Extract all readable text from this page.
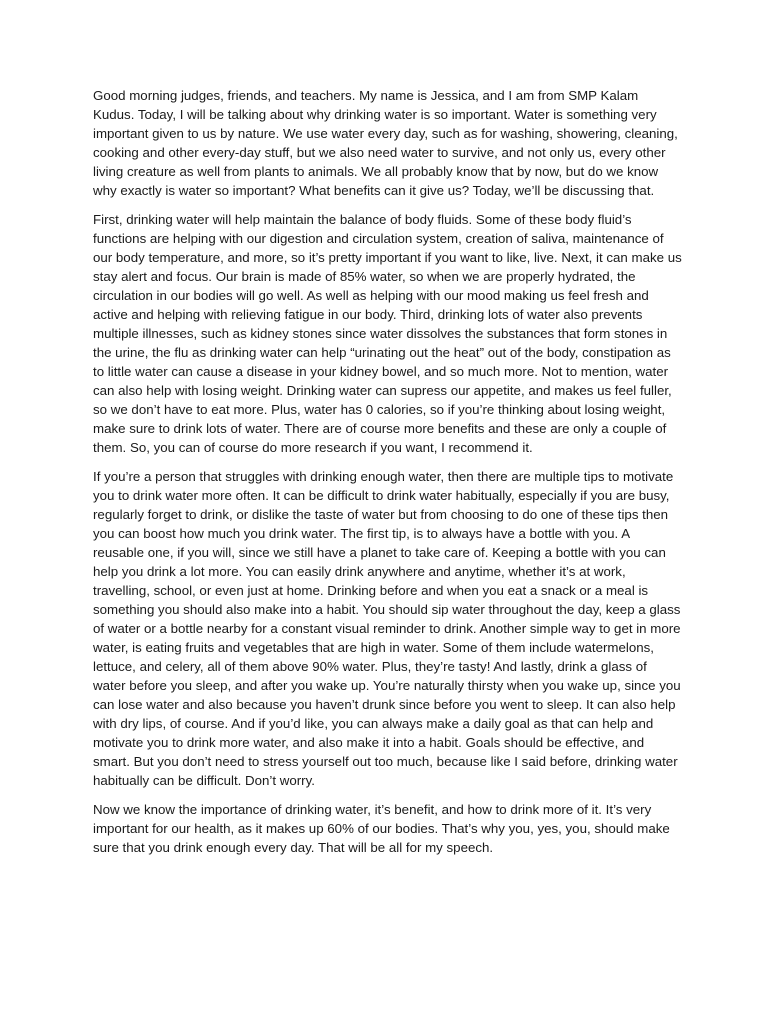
Good morning judges, friends, and teachers. My name is Jessica, and I am from SMP Kalam Kudus. Today, I will be talking about why drinking water is so important. Water is something very important given to us by nature. We use water every day, such as for washing, showering, cleaning, cooking and other every-day stuff, but we also need water to survive, and not only us, every other living creature as well from plants to animals. We all probably know that by now, but do we know why exactly is water so important? What benefits can it give us? Today, we’ll be discussing that.

First, drinking water will help maintain the balance of body fluids. Some of these body fluid’s functions are helping with our digestion and circulation system, creation of saliva, maintenance of our body temperature, and more, so it’s pretty important if you want to like, live. Next, it can make us stay alert and focus. Our brain is made of 85% water, so when we are properly hydrated, the circulation in our bodies will go well. As well as helping with our mood making us feel fresh and active and helping with relieving fatigue in our body. Third, drinking lots of water also prevents multiple illnesses, such as kidney stones since water dissolves the substances that form stones in the urine, the flu as drinking water can help “urinating out the heat” out of the body, constipation as to little water can cause a disease in your kidney bowel, and so much more. Not to mention, water can also help with losing weight. Drinking water can supress our appetite, and makes us feel fuller, so we don’t have to eat more. Plus, water has 0 calories, so if you’re thinking about losing weight, make sure to drink lots of water. There are of course more benefits and these are only a couple of them. So, you can of course do more research if you want, I recommend it.

If you’re a person that struggles with drinking enough water, then there are multiple tips to motivate you to drink water more often. It can be difficult to drink water habitually, especially if you are busy, regularly forget to drink, or dislike the taste of water but from choosing to do one of these tips then you can boost how much you drink water. The first tip, is to always have a bottle with you. A reusable one, if you will, since we still have a planet to take care of. Keeping a bottle with you can help you drink a lot more. You can easily drink anywhere and anytime, whether it’s at work, travelling, school, or even just at home. Drinking before and when you eat a snack or a meal is something you should also make into a habit. You should sip water throughout the day, keep a glass of water or a bottle nearby for a constant visual reminder to drink. Another simple way to get in more water, is eating fruits and vegetables that are high in water. Some of them include watermelons, lettuce, and celery, all of them above 90% water. Plus, they’re tasty! And lastly, drink a glass of water before you sleep, and after you wake up. You’re naturally thirsty when you wake up, since you can lose water and also because you haven’t drunk since before you went to sleep. It can also help with dry lips, of course. And if you’d like, you can always make a daily goal as that can help and motivate you to drink more water, and also make it into a habit. Goals should be effective, and smart. But you don’t need to stress yourself out too much, because like I said before, drinking water habitually can be difficult. Don’t worry.

Now we know the importance of drinking water, it’s benefit, and how to drink more of it. It’s very important for our health, as it makes up 60% of our bodies. That’s why you, yes, you, should make sure that you drink enough every day. That will be all for my speech.
